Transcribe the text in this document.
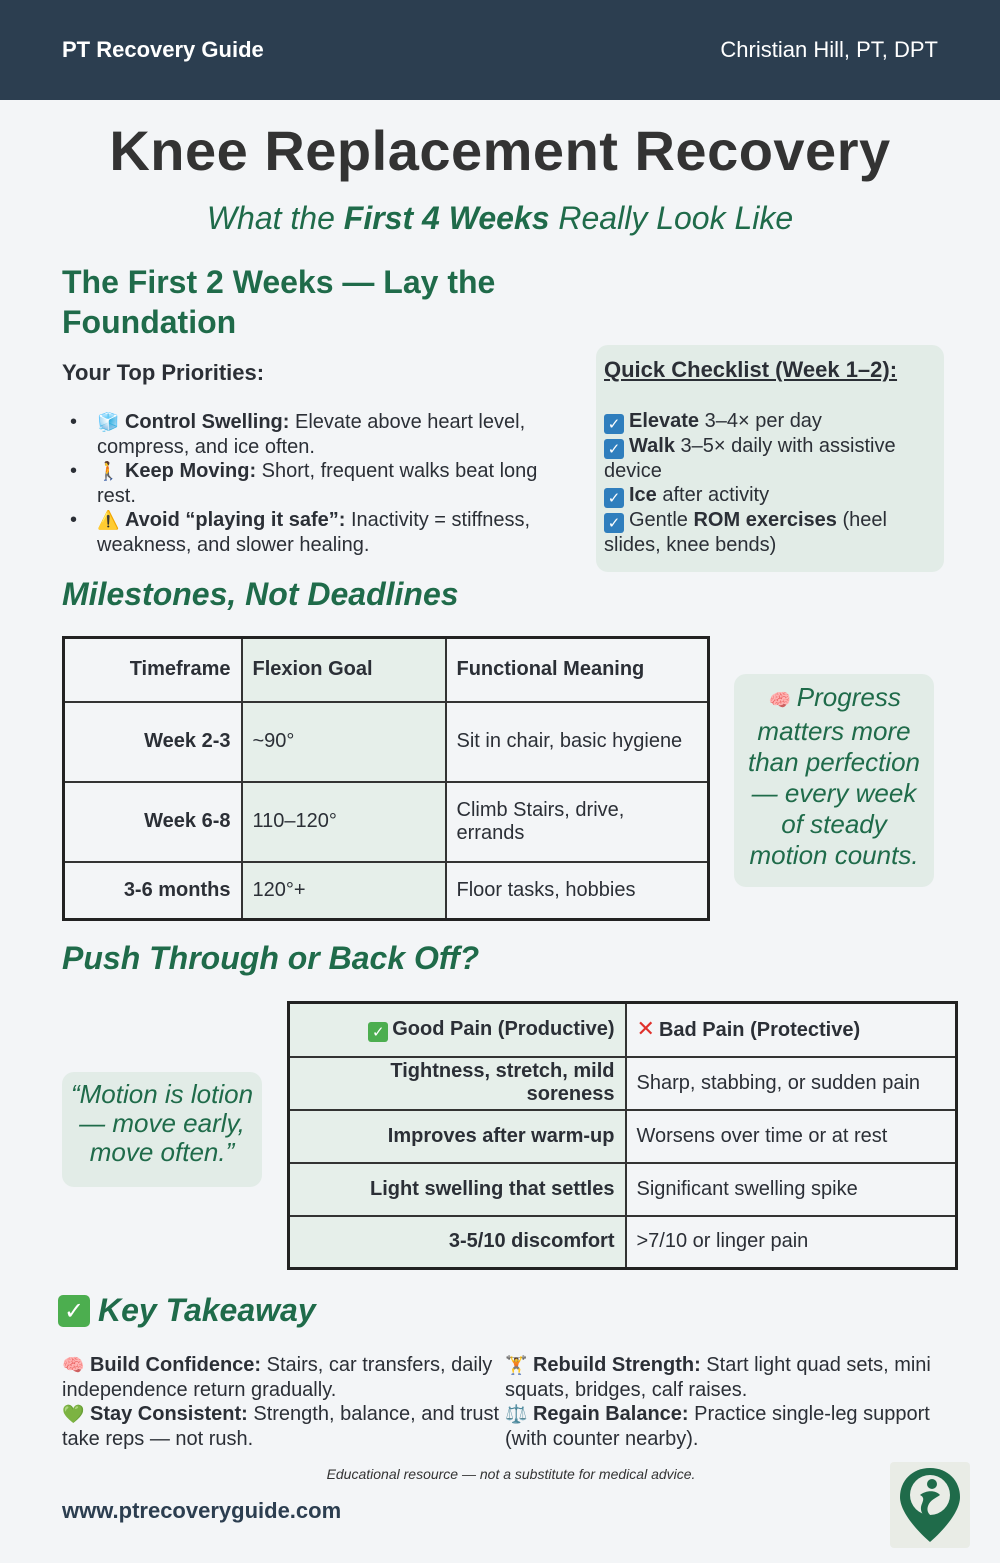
PT Recovery Guide	Christian Hill, PT, DPT
Knee Replacement Recovery
What the First 4 Weeks Really Look Like
The First 2 Weeks — Lay the Foundation
Your Top Priorities:
• 🧊 Control Swelling: Elevate above heart level, compress, and ice often.
• 🚶 Keep Moving: Short, frequent walks beat long rest.
• ⚠️ Avoid “playing it safe”: Inactivity = stiffness, weakness, and slower healing.
Quick Checklist (Week 1–2):
✓ Elevate 3–4× per day
✓ Walk 3–5× daily with assistive device
✓ Ice after activity
✓ Gentle ROM exercises (heel slides, knee bends)
Milestones, Not Deadlines
Timeframe	Flexion Goal	Functional Meaning
Week 2-3	~90°	Sit in chair, basic hygiene
Week 6-8	110–120°	Climb Stairs, drive, errands
3-6 months	120°+	Floor tasks, hobbies
🧠 Progress matters more than perfection — every week of steady motion counts.
Push Through or Back Off?
“Motion is lotion — move early, move often.”
✓ Good Pain (Productive)	✕ Bad Pain (Protective)
Tightness, stretch, mild soreness	Sharp, stabbing, or sudden pain
Improves after warm-up	Worsens over time or at rest
Light swelling that settles	Significant swelling spike
3-5/10 discomfort	>7/10 or linger pain
✓ Key Takeaway
🧠 Build Confidence: Stairs, car transfers, daily independence return gradually.
💚 Stay Consistent: Strength, balance, and trust take reps — not rush.
🏋 Rebuild Strength: Start light quad sets, mini squats, bridges, calf raises.
⚖️ Regain Balance: Practice single-leg support (with counter nearby).
Educational resource — not a substitute for medical advice.
www.ptrecoveryguide.com
